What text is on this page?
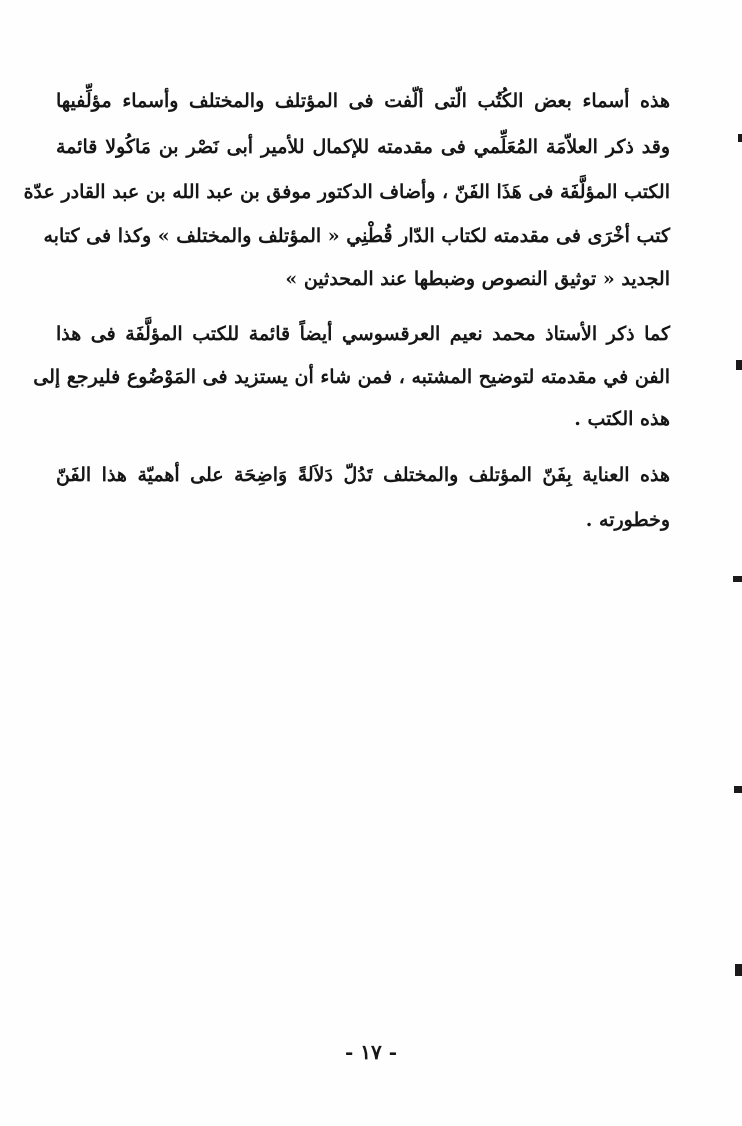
هذه أسماء بعض الكُتُب الّتى ألّفت فى المؤتلف والمختلف وأسماء مؤلِّفيها
وقد ذكر العلاّمَة المُعَلِّمي فى مقدمته للإكمال للأمير أبى نَصْر بن مَاكُولا قائمة
الكتب المؤلَّفَة فى هَذَا الفَنّ ، وأضاف الدكتور موفق بن عبد الله بن عبد القادر عدّة
كتب أخْرَى فى مقدمته لكتاب الدّار قُطْنِي « المؤتلف والمختلف » وكذا فى كتابه
الجديد « توثيق النصوص وضبطها عند المحدثين »
كما ذكر الأستاذ محمد نعيم العرقسوسي أيضاً قائمة للكتب المؤلَّفَة فى هذا
الفن في مقدمته لتوضيح المشتبه ، فمن شاء أن يستزيد فى المَوْضُوع فليرجع إلى
هذه الكتب .
هذه العناية بِفَنّ المؤتلف والمختلف تَدُلّ دَلاَلةً وَاضِحَة على أهميّة هذا الفَنّ
وخطورته .
- ١٧ -
